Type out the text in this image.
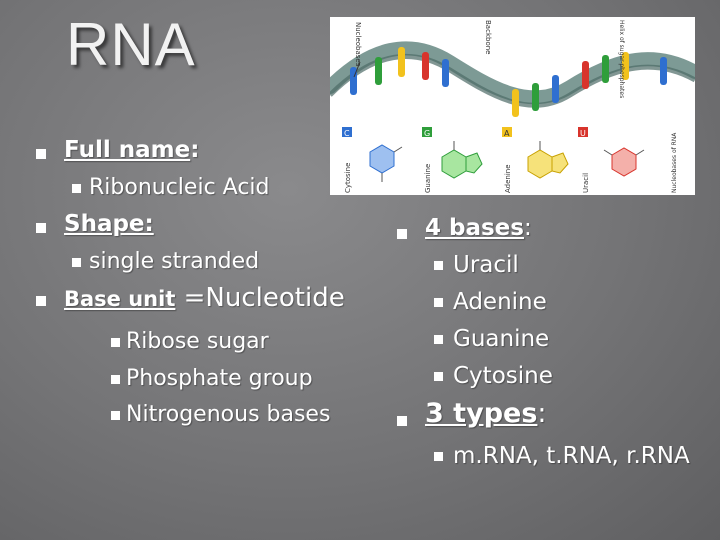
RNA
Full name:
Ribonucleic Acid
Shape:
single stranded
Base unit =Nucleotide
Ribose sugar
Phosphate group
Nitrogenous bases
4 bases:
Uracil
Adenine
Guanine
Cytosine
3 types:
m.RNA, t.RNA, r.RNA
Nucleobases	Backbone	Helix of sugar-phosphates
C	G	A	U
Cytosine	Guanine	Adenine	Uracil	Nucleobases of RNA
